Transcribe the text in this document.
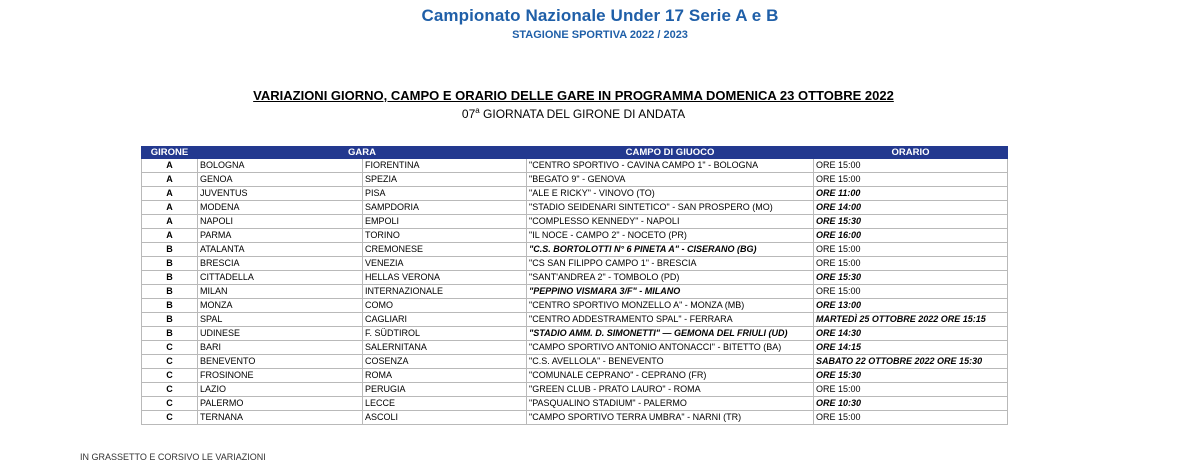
Campionato Nazionale Under 17 Serie A e B
STAGIONE SPORTIVA 2022 / 2023
VARIAZIONI GIORNO, CAMPO E ORARIO DELLE GARE IN PROGRAMMA DOMENICA 23 OTTOBRE 2022
07$^a$ GIORNATA DEL GIRONE DI ANDATA
GIRONE	GARA		CAMPO DI GIUOCO	ORARIO
A	BOLOGNA	FIORENTINA	"CENTRO SPORTIVO - CAVINA CAMPO 1" - BOLOGNA	ORE 15:00
A	GENOA	SPEZIA	"BEGATO 9" - GENOVA	ORE 15:00
A	JUVENTUS	PISA	"ALE E RICKY" - VINOVO (TO)	ORE 11:00
A	MODENA	SAMPDORIA	"STADIO SEIDENARI SINTETICO" - SAN PROSPERO (MO)	ORE 14:00
A	NAPOLI	EMPOLI	"COMPLESSO KENNEDY" - NAPOLI	ORE 15:30
A	PARMA	TORINO	"IL NOCE - CAMPO 2" - NOCETO (PR)	ORE 16:00
B	ATALANTA	CREMONESE	"C.S. BORTOLOTTI N° 6 PINETA A" - CISERANO (BG)	ORE 15:00
B	BRESCIA	VENEZIA	"CS SAN FILIPPO CAMPO 1" - BRESCIA	ORE 15:00
B	CITTADELLA	HELLAS VERONA	"SANT'ANDREA 2" - TOMBOLO (PD)	ORE 15:30
B	MILAN	INTERNAZIONALE	"PEPPINO VISMARA 3/F" - MILANO	ORE 15:00
B	MONZA	COMO	"CENTRO SPORTIVO MONZELLO A" - MONZA (MB)	ORE 13:00
B	SPAL	CAGLIARI	"CENTRO ADDESTRAMENTO SPAL" - FERRARA	MARTEDÌ 25 OTTOBRE 2022 ORE 15:15
B	UDINESE	F. SÜDTIROL	"STADIO AMM. D. SIMONETTI" — GEMONA DEL FRIULI (UD)	ORE 14:30
C	BARI	SALERNITANA	"CAMPO SPORTIVO ANTONIO ANTONACCI" - BITETTO (BA)	ORE 14:15
C	BENEVENTO	COSENZA	"C.S. AVELLOLA" - BENEVENTO	SABATO 22 OTTOBRE 2022 ORE 15:30
C	FROSINONE	ROMA	"COMUNALE CEPRANO" - CEPRANO (FR)	ORE 15:30
C	LAZIO	PERUGIA	"GREEN CLUB - PRATO LAURO" - ROMA	ORE 15:00
C	PALERMO	LECCE	"PASQUALINO STADIUM" - PALERMO	ORE 10:30
C	TERNANA	ASCOLI	"CAMPO SPORTIVO TERRA UMBRA" - NARNI (TR)	ORE 15:00
IN GRASSETTO E CORSIVO LE VARIAZIONI
